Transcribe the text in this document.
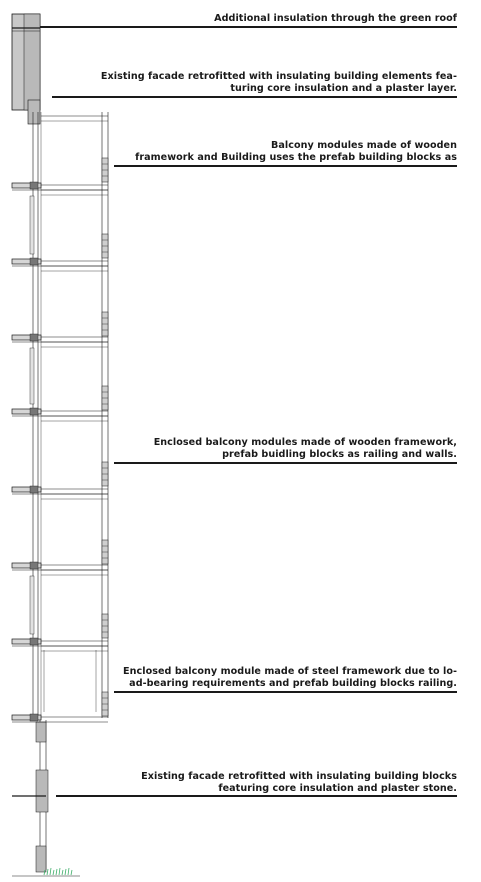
Additional insulation through the green roof
Existing facade retrofitted with insulating building elements fea-
turing core insulation and a plaster layer.
Balcony modules made of wooden
framework and Building uses the prefab building blocks as
Enclosed balcony modules made of wooden framework,
prefab buidling blocks as railing and walls.
Enclosed balcony module made of steel framework due to lo-
ad-bearing requirements and prefab building blocks railing.
Existing facade retrofitted with insulating building blocks
featuring core insulation and plaster stone.
